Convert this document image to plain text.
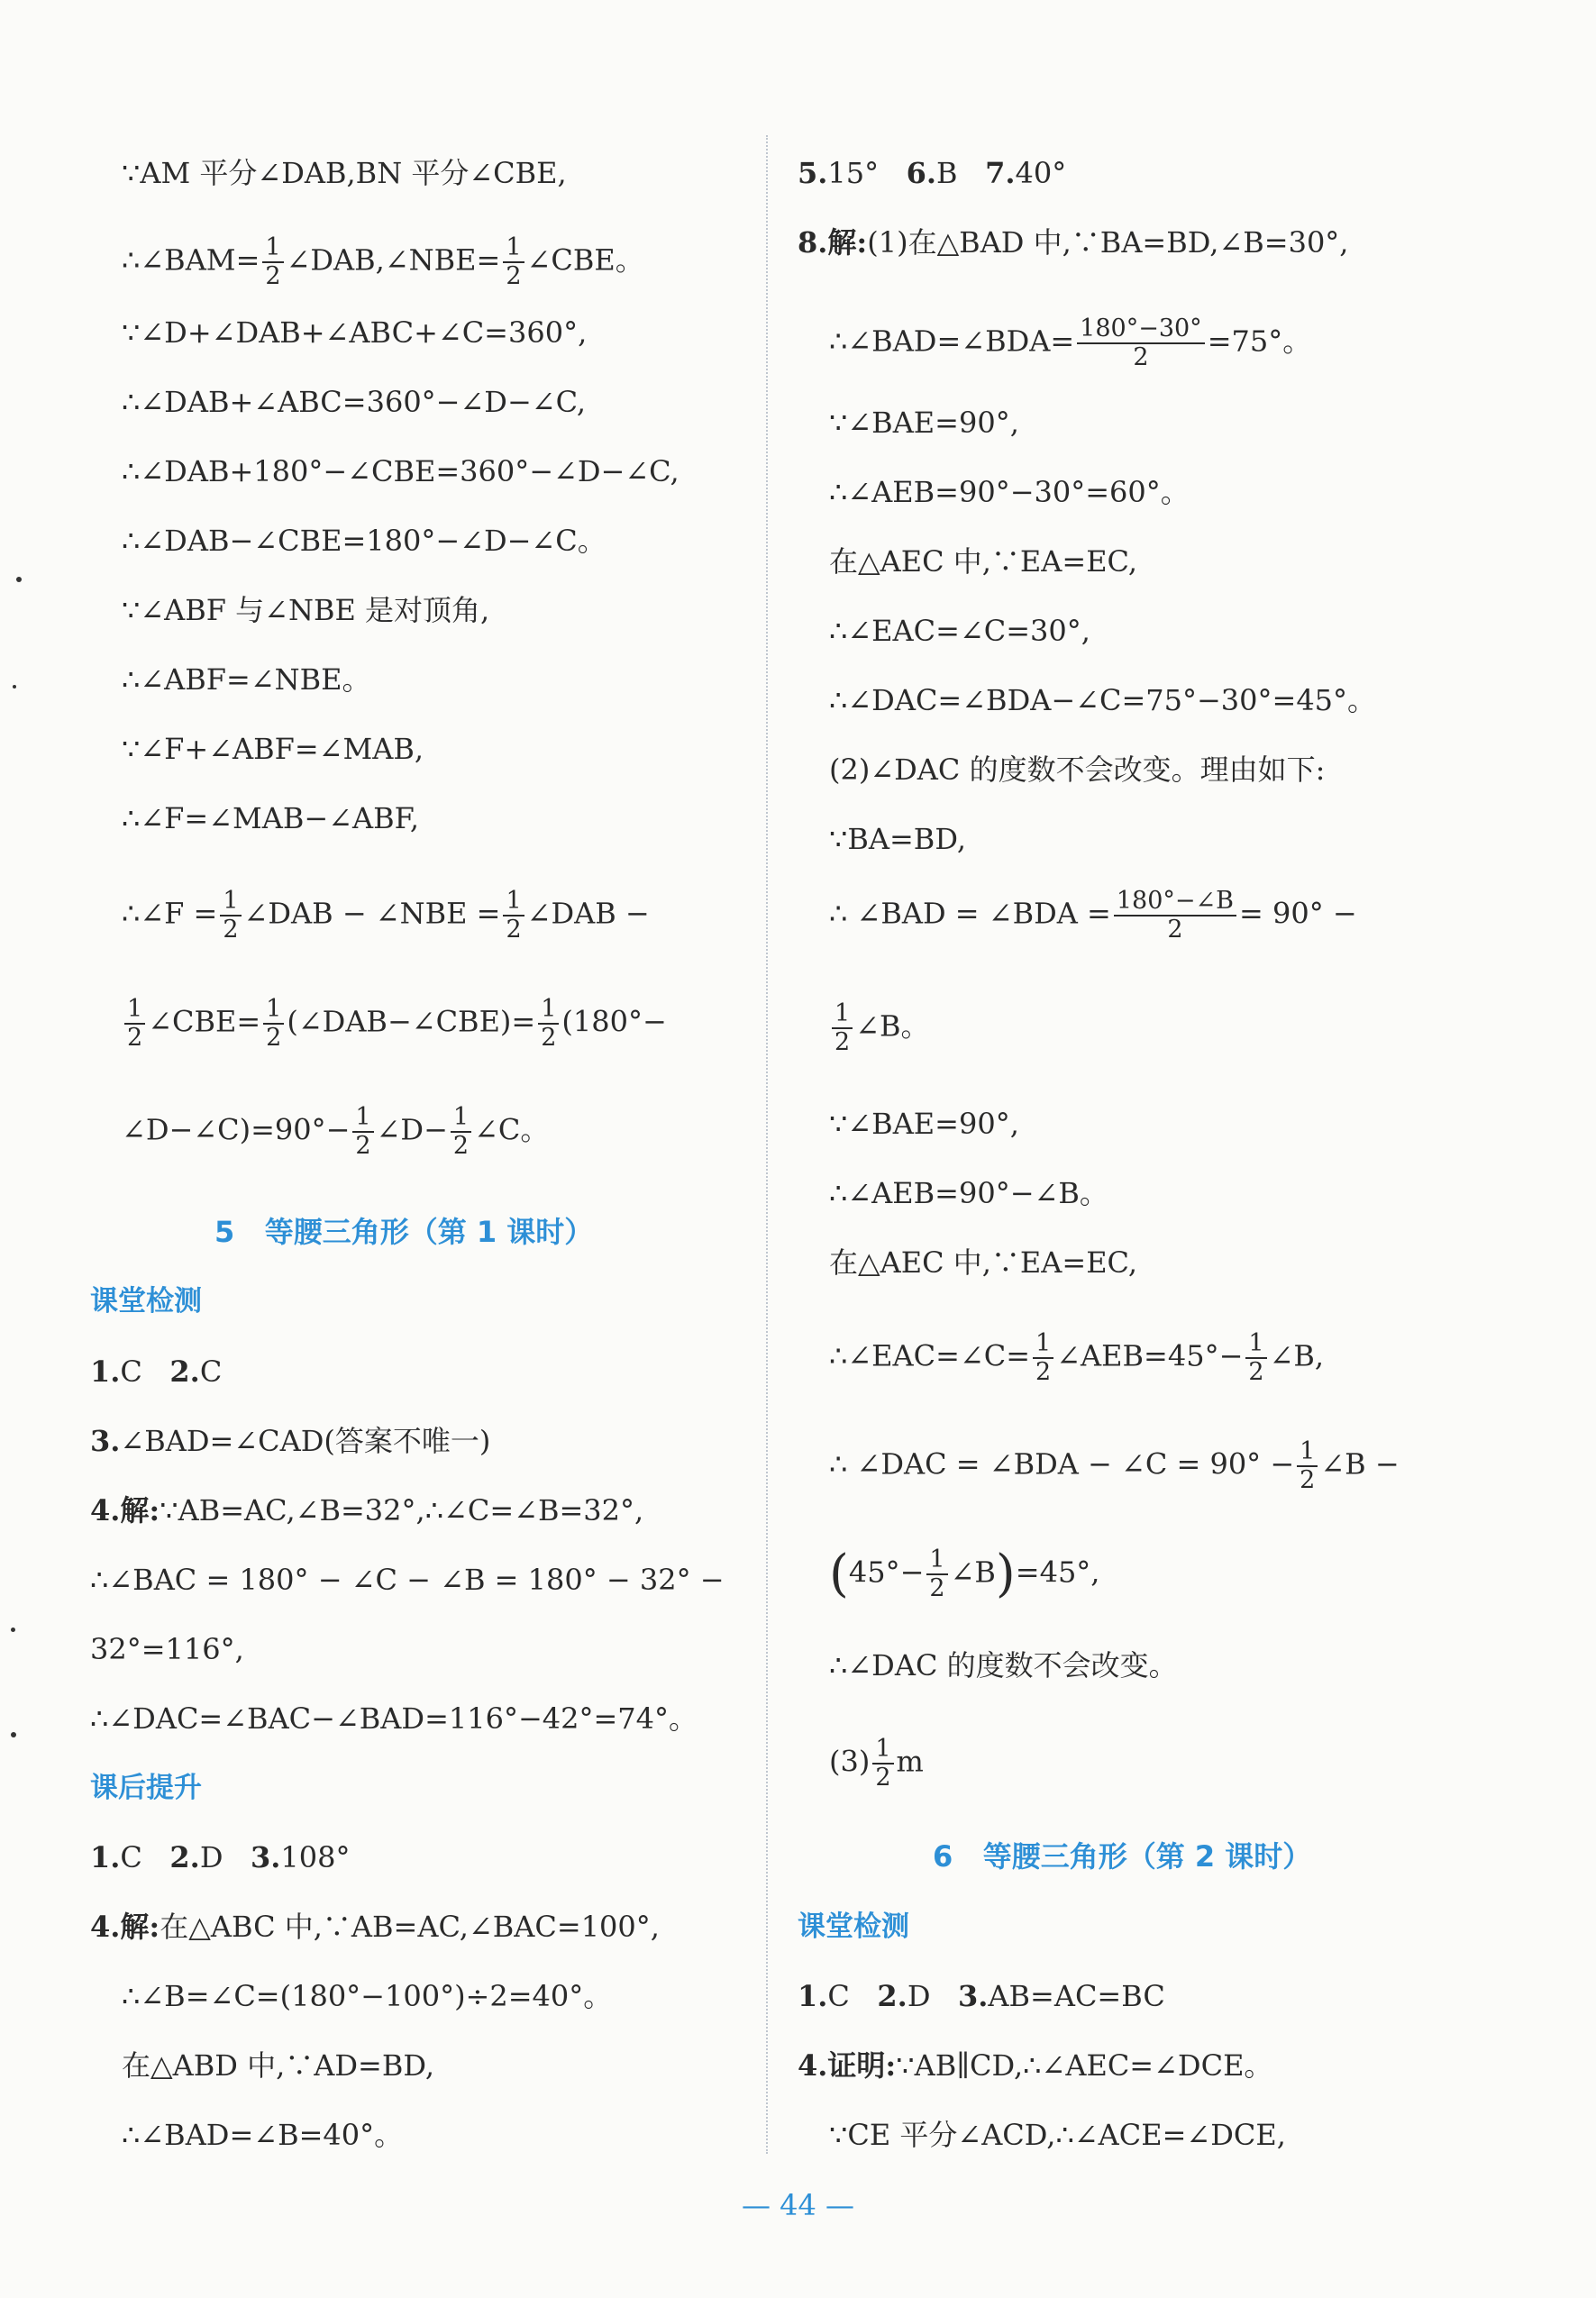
∵AM 平分∠DAB,BN 平分∠CBE,
∴∠BAM= $\frac{1}{2}$ ∠DAB,∠NBE= $\frac{1}{2}$ ∠CBE。
∵∠D+∠DAB+∠ABC+∠C=360°,
∴∠DAB+∠ABC=360°−∠D−∠C,
∴∠DAB+180°−∠CBE=360°−∠D−∠C,
∴∠DAB−∠CBE=180°−∠D−∠C。
∵∠ABF 与∠NBE 是对顶角,
∴∠ABF=∠NBE。
∵∠F+∠ABF=∠MAB,
∴∠F=∠MAB−∠ABF,
∴∠F = $\frac{1}{2}$ ∠DAB − ∠NBE = $\frac{1}{2}$ ∠DAB −
$\frac{1}{2}$ ∠CBE= $\frac{1}{2}$ (∠DAB−∠CBE)= $\frac{1}{2} (180^\circ-$
∠D−∠C)=90°− $\frac{1}{2}$ ∠D− $\frac{1}{2}$ ∠C。
5 等腰三角形（第 1 课时）
课堂检测
1.C 2.C
3.∠BAD=∠CAD(答案不唯一)
4.解:∵AB=AC,∠B=32°,∴∠C=∠B=32°,
∴∠BAC = 180° − ∠C − ∠B = 180° − 32° −
32°=116°,
∴∠DAC=∠BAC−∠BAD=116°−42°=74°。
课后提升
1.C 2.D 3.108°
4.解:在△ABC 中,∵AB=AC,∠BAC=100°,
∴∠B=∠C=(180°−100°)÷2=40°。
在△ABD 中,∵AD=BD,
∴∠BAD=∠B=40°。
5.15° 6.B 7.40°
8.解:(1)在△BAD 中,∵BA=BD,∠B=30°,
∴∠BAD=∠BDA= $\frac{180^\circ-30^\circ}{2} =75^\circ$。
∵∠BAE=90°,
∴∠AEB=90°−30°=60°。
在△AEC 中,∵EA=EC,
∴∠EAC=∠C=30°,
∴∠DAC=∠BDA−∠C=75°−30°=45°。
(2)∠DAC 的度数不会改变。理由如下:
∵BA=BD,
∴ ∠BAD = ∠BDA = $\frac{180^\circ-\angle B}{2} = 90^\circ$ −
$\frac{1}{2}$ ∠B。
∵∠BAE=90°,
∴∠AEB=90°−∠B。
在△AEC 中,∵EA=EC,
∴∠EAC=∠C= $\frac{1}{2}$ ∠AEB=45°− $\frac{1}{2}$ ∠B,
∴ ∠DAC = ∠BDA − ∠C = $90^\circ - \frac{1}{2}$ ∠B −
($45^\circ- \frac{1}{2}$ ∠B)=45°,
∴∠DAC 的度数不会改变。
$(3) \frac{1}{2}$ m
6 等腰三角形（第 2 课时）
课堂检测
1.C 2.D 3.AB=AC=BC
4.证明:∵AB∥CD,∴∠AEC=∠DCE。
∵CE 平分∠ACD,∴∠ACE=∠DCE,
— 44 —
